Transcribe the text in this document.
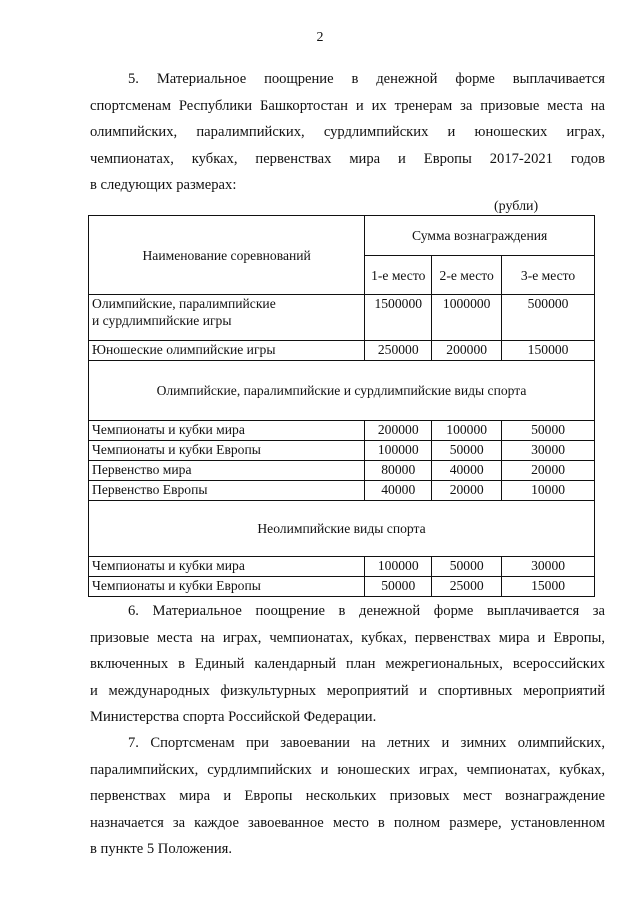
2
5. Материальное поощрение в денежной форме выплачивается
спортсменам Республики Башкортостан и их тренерам за призовые места на
олимпийских, паралимпийских, сурдлимпийских и юношеских играх,
чемпионатах, кубках, первенствах мира и Европы 2017-2021 годов
в следующих размерах:
(рубли)
Наименование соревнований	Сумма вознаграждения		
	1-е место	2-е место	3-е место
Олимпийские, паралимпийские
и сурдлимпийские игры	1500000	1000000	500000
Юношеские олимпийские игры	250000	200000	150000
Олимпийские, паралимпийские и сурдлимпийские виды спорта			
Чемпионаты и кубки мира	200000	100000	50000
Чемпионаты и кубки Европы	100000	50000	30000
Первенство мира	80000	40000	20000
Первенство Европы	40000	20000	10000
Неолимпийские виды спорта			
Чемпионаты и кубки мира	100000	50000	30000
Чемпионаты и кубки Европы	50000	25000	15000
6. Материальное поощрение в денежной форме выплачивается за
призовые места на играх, чемпионатах, кубках, первенствах мира и Европы,
включенных в Единый календарный план межрегиональных, всероссийских
и международных физкультурных мероприятий и спортивных мероприятий
Министерства спорта Российской Федерации.
7. Спортсменам при завоевании на летних и зимних олимпийских,
паралимпийских, сурдлимпийских и юношеских играх, чемпионатах, кубках,
первенствах мира и Европы нескольких призовых мест вознаграждение
назначается за каждое завоеванное место в полном размере, установленном
в пункте 5 Положения.
